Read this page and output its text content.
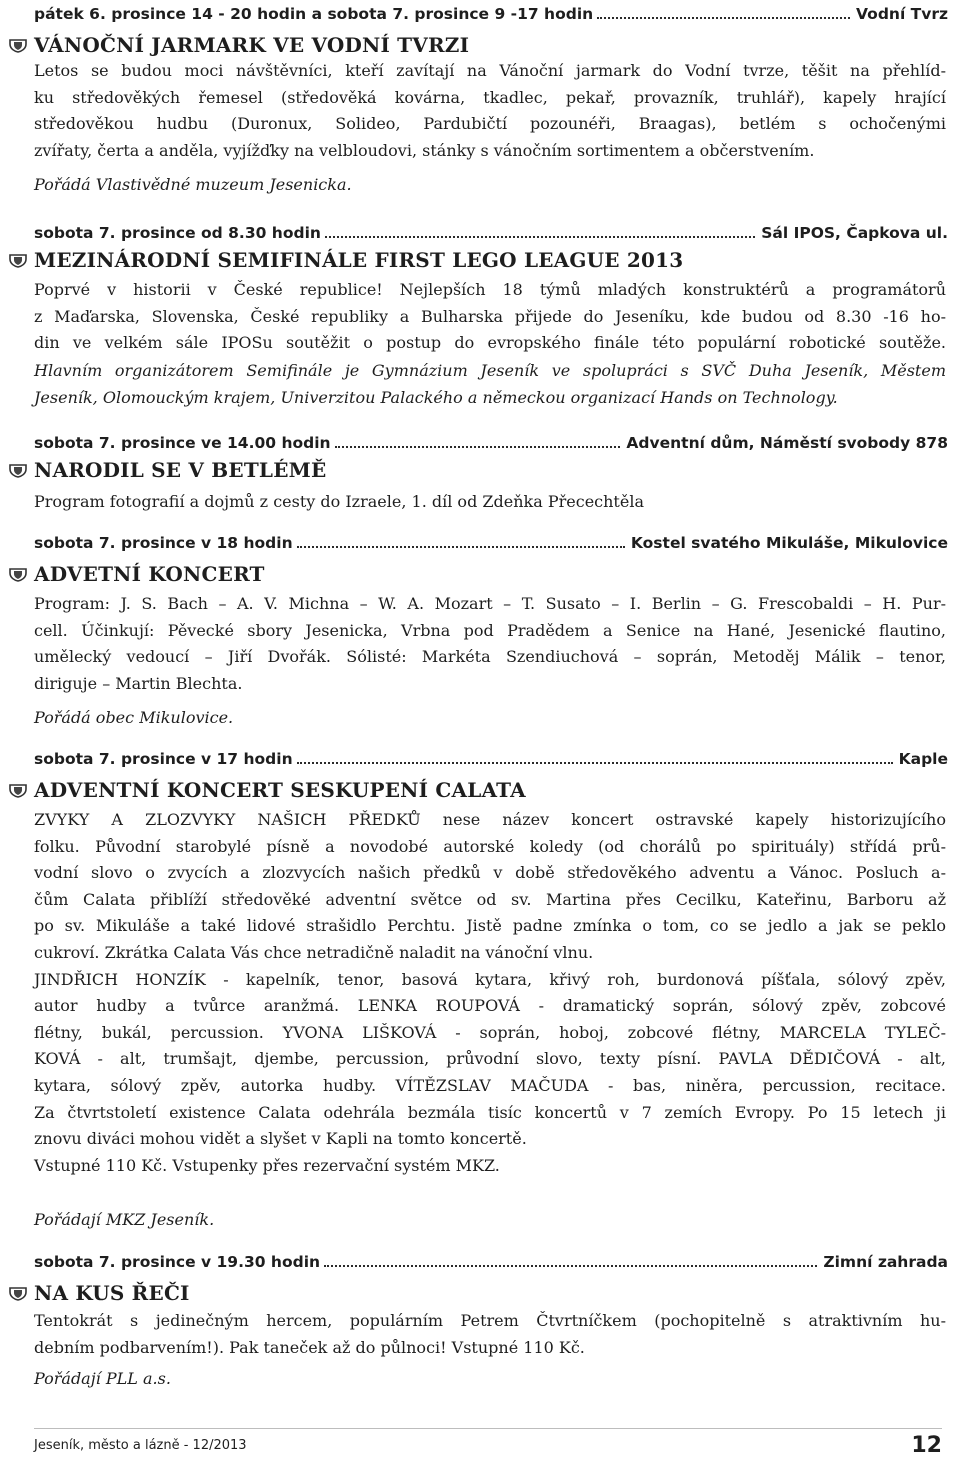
pátek 6. prosince 14 - 20 hodin a sobota 7. prosince 9 -17 hodin	Vodní Tvrz
VÁNOČNÍ JARMARK VE VODNÍ TVRZI
Letos se budou moci návštěvníci, kteří zavítají na Vánoční jarmark do Vodní tvrze, těšit na přehlíd-
ku středověkých řemesel (středověká kovárna, tkadlec, pekař, provazník, truhlář), kapely hrající
středověkou hudbu (Duronux, Solideo, Pardubičtí pozounéři, Braagas), betlém s ochočenými
zvířaty, čerta a anděla, vyjížďky na velbloudovi, stánky s vánočním sortimentem a občerstvením.
Pořádá Vlastivědné muzeum Jesenicka.
sobota 7. prosince od 8.30 hodin	Sál IPOS, Čapkova ul.
MEZINÁRODNÍ SEMIFINÁLE FIRST LEGO LEAGUE 2013
Poprvé v historii v České republice! Nejlepších 18 týmů mladých konstruktérů a programátorů
z Maďarska, Slovenska, České republiky a Bulharska přijede do Jeseníku, kde budou od 8.30 -16 ho-
din ve velkém sále IPOSu soutěžit o postup do evropského finále této populární robotické soutěže.
Hlavním organizátorem Semifinále je Gymnázium Jeseník ve spolupráci s SVČ Duha Jeseník, Městem
Jeseník, Olomouckým krajem, Univerzitou Palackého a německou organizací Hands on Technology.
sobota 7. prosince ve 14.00 hodin	Adventní dům, Náměstí svobody 878
NARODIL SE V BETLÉMĚ
Program fotografií a dojmů z cesty do Izraele, 1. díl od Zdeňka Přecechtěla
sobota 7. prosince v 18 hodin	Kostel svatého Mikuláše, Mikulovice
ADVETNÍ KONCERT
Program: J. S. Bach – A. V. Michna – W. A. Mozart – T. Susato – I. Berlin – G. Frescobaldi – H. Pur-
cell. Účinkují: Pěvecké sbory Jesenicka, Vrbna pod Pradědem a Senice na Hané, Jesenické flautino,
umělecký vedoucí – Jiří Dvořák. Sólisté: Markéta Szendiuchová – soprán, Metoděj Málik – tenor,
diriguje – Martin Blechta.
Pořádá obec Mikulovice.
sobota 7. prosince v 17 hodin	Kaple
ADVENTNÍ KONCERT SESKUPENÍ CALATA
ZVYKY A ZLOZVYKY NAŠICH PŘEDKŮ nese název koncert ostravské kapely historizujícího
folku. Původní starobylé písně a novodobé autorské koledy (od chorálů po spirituály) střídá prů-
vodní slovo o zvycích a zlozvycích našich předků v době středověkého adventu a Vánoc. Posluch a-
čům Calata přiblíží středověké adventní světce od sv. Martina přes Cecilku, Kateřinu, Barboru až
po sv. Mikuláše a také lidové strašidlo Perchtu. Jistě padne zmínka o tom, co se jedlo a jak se peklo
cukroví. Zkrátka Calata Vás chce netradičně naladit na vánoční vlnu.
JINDŘICH HONZÍK - kapelník, tenor, basová kytara, křivý roh, burdonová píšťala, sólový zpěv,
autor hudby a tvůrce aranžmá. LENKA ROUPOVÁ - dramatický soprán, sólový zpěv, zobcové
flétny, bukál, percussion. YVONA LIŠKOVÁ - soprán, hoboj, zobcové flétny, MARCELA TYLEČ-
KOVÁ - alt, trumšajt, djembe, percussion, průvodní slovo, texty písní. PAVLA DĚDIČOVÁ - alt,
kytara, sólový zpěv, autorka hudby. VÍTĚZSLAV MAČUDA - bas, niněra, percussion, recitace.
Za čtvrtstoletí existence Calata odehrála bezmála tisíc koncertů v 7 zemích Evropy. Po 15 letech ji
znovu diváci mohou vidět a slyšet v Kapli na tomto koncertě.
Vstupné 110 Kč. Vstupenky přes rezervační systém MKZ.
Pořádají MKZ Jeseník.
sobota 7. prosince v 19.30 hodin	Zimní zahrada
NA KUS ŘEČI
Tentokrát s jedinečným hercem, populárním Petrem Čtvrtníčkem (pochopitelně s atraktivním hu-
debním podbarvením!). Pak taneček až do půlnoci! Vstupné 110 Kč.
Pořádají PLL a.s.
Jeseník, město a lázně - 12/2013	12
